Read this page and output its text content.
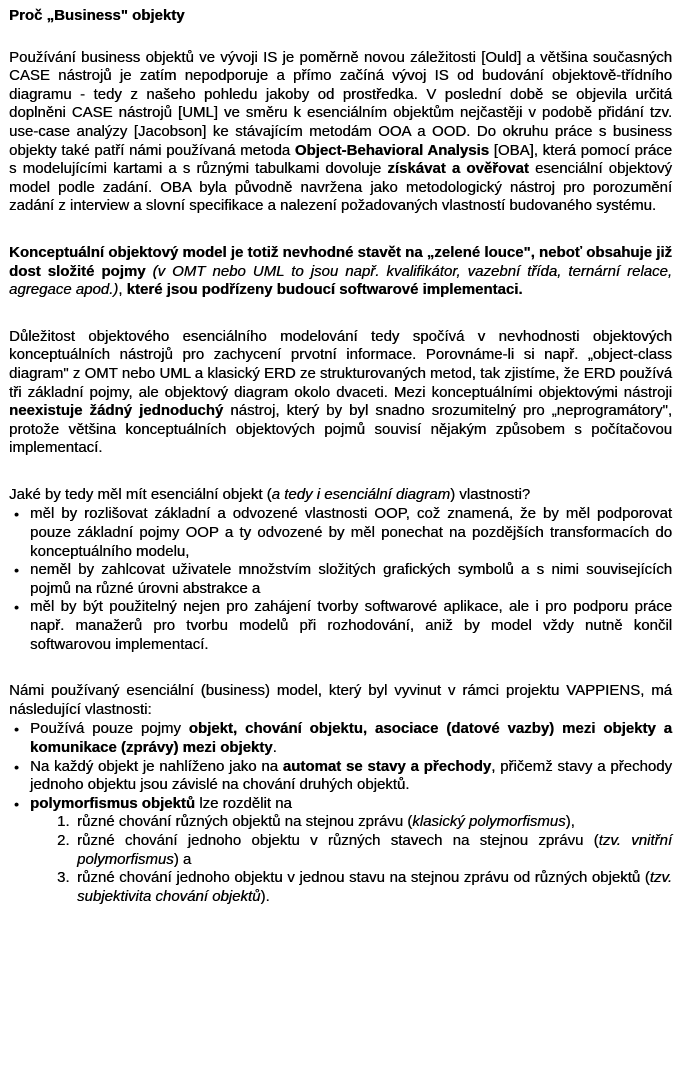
Proč „Business" objekty

Používání business objektů ve vývoji IS je poměrně novou záležitosti [Ould] a většina současných CASE nástrojů je zatím nepodporuje a přímo začíná vývoj IS od budování objektově-třídního diagramu - tedy z našeho pohledu jakoby od prostředka. V poslední době se objevila určitá doplněni CASE nástrojů [UML] ve směru k esenciálním objektům nejčastěji v podobě přidání tzv. use-case analýzy [Jacobson] ke stávajícím metodám OOA a OOD. Do okruhu práce s business objekty také patří námi používaná metoda Object-Behavioral Analysis [OBA], která pomocí práce s modelujícími kartami a s různými tabulkami dovoluje získávat a ověřovat esenciální objektový model podle zadání. OBA byla původně navržena jako metodologický nástroj pro porozumění zadání z interview a slovní specifikace a nalezení požadovaných vlastností budovaného systému.

Konceptuální objektový model je totiž nevhodné stavět na „zelené louce", neboť obsahuje již dost složité pojmy (v OMT nebo UML to jsou např. kvalifikátor, vazební třída, ternární relace, agregace apod.), které jsou podřízeny budoucí softwarové implementaci.

Důležitost objektového esenciálního modelování tedy spočívá v nevhodnosti objektových konceptuálních nástrojů pro zachycení prvotní informace. Porovnáme-li si např. „object-class diagram" z OMT nebo UML a klasický ERD ze strukturovaných metod, tak zjistíme, že ERD používá tři základní pojmy, ale objektový diagram okolo dvaceti. Mezi konceptuálními objektovými nástroji neexistuje žádný jednoduchý nástroj, který by byl snadno srozumitelný pro „neprogramátory", protože většina konceptuálních objektových pojmů souvisí nějakým způsobem s počítačovou implementací.

Jaké by tedy měl mít esenciální objekt (a tedy i esenciální diagram) vlastnosti?

• měl by rozlišovat základní a odvozené vlastnosti OOP, což znamená, že by měl podporovat pouze základní pojmy OOP a ty odvozené by měl ponechat na pozdějších transformacích do konceptuálního modelu,
• neměl by zahlcovat uživatele množstvím složitých grafických symbolů a s nimi souvisejících pojmů na různé úrovni abstrakce a
• měl by být použitelný nejen pro zahájení tvorby softwarové aplikace, ale i pro podporu práce např. manažerů pro tvorbu modelů při rozhodování, aniž by model vždy nutně končil softwarovou implementací.

Námi používaný esenciální (business) model, který byl vyvinut v rámci projektu VAPPIENS, má následující vlastnosti:

• Používá pouze pojmy objekt, chování objektu, asociace (datové vazby) mezi objekty a komunikace (zprávy) mezi objekty.
• Na každý objekt je nahlíženo jako na automat se stavy a přechody, přičemž stavy a přechody jednoho objektu jsou závislé na chování druhých objektů.
• polymorfismus objektů lze rozdělit na
1. různé chování různých objektů na stejnou zprávu (klasický polymorfismus),
2. různé chování jednoho objektu v různých stavech na stejnou zprávu (tzv. vnitřní polymorfismus) a
3. různé chování jednoho objektu v jednou stavu na stejnou zprávu od různých objektů (tzv. subjektivita chování objektů).
